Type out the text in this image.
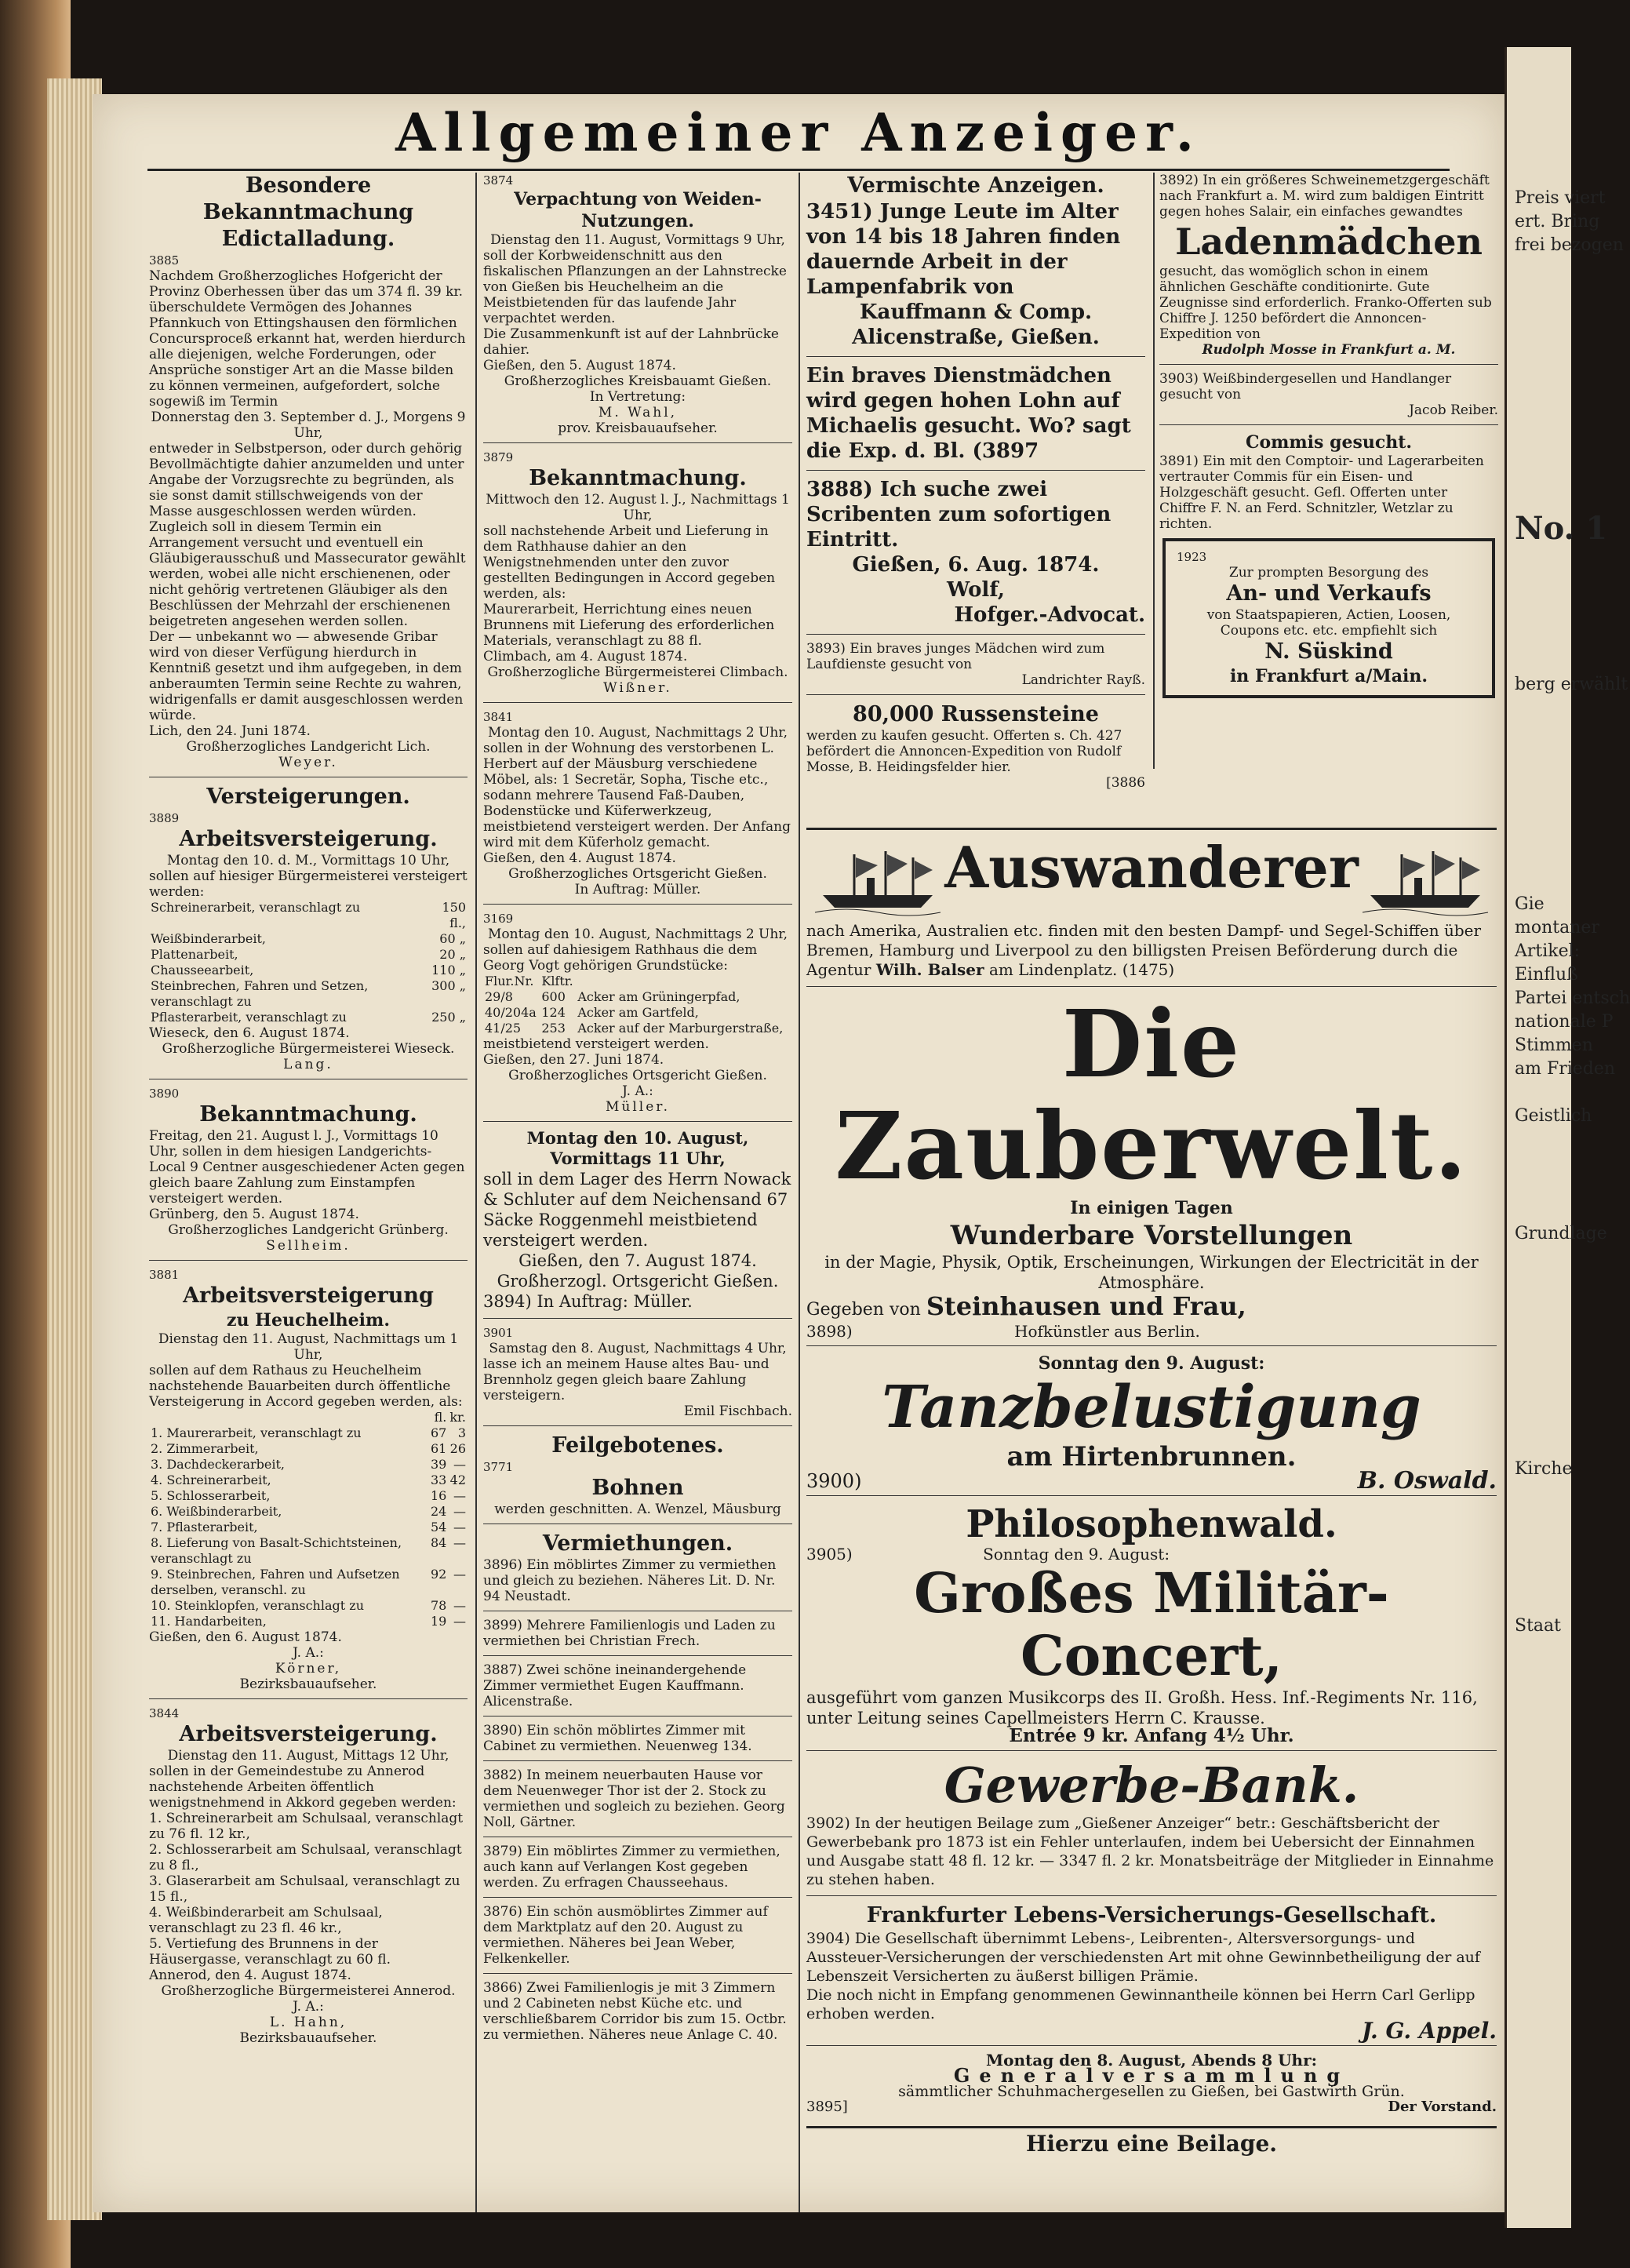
Preis viert
ert. Bring
frei bezogen
No. 1
berg erwählt
Gie
montaner
Artikel:
Einfluß
Partei entsch
nationale P
Stimmen
am Frieden
Geistlich
Grundlage
Kirche
Staat
Allgemeiner Anzeiger.
Besondere Bekanntmachung
Edictalladung.
3885
Nachdem Großherzogliches Hofgericht der Provinz Oberhessen über das um 374 fl. 39 kr. überschuldete Vermögen des Johannes Pfannkuch von Ettingshausen den förmlichen Concursproceß erkannt hat, werden hierdurch alle diejenigen, welche Forderungen, oder Ansprüche sonstiger Art an die Masse bilden zu können vermeinen, aufgefordert, solche sogewiß im Termin
Donnerstag den 3. September d. J., Morgens 9 Uhr,
entweder in Selbstperson, oder durch gehörig Bevollmächtigte dahier anzumelden und unter Angabe der Vorzugsrechte zu begründen, als sie sonst damit stillschweigends von der Masse ausgeschlossen werden würden.
Zugleich soll in diesem Termin ein Arrangement versucht und eventuell ein Gläubigerausschuß und Massecurator gewählt werden, wobei alle nicht erschienenen, oder nicht gehörig vertretenen Gläubiger als den Beschlüssen der Mehrzahl der erschienenen beigetreten angesehen werden sollen.
Der — unbekannt wo — abwesende Gribar wird von dieser Verfügung hierdurch in Kenntniß gesetzt und ihm aufgegeben, in dem anberaumten Termin seine Rechte zu wahren, widrigenfalls er damit ausgeschlossen werden würde.
Lich, den 24. Juni 1874.
Großherzogliches Landgericht Lich.
Weyer.
Versteigerungen.
3889
Arbeitsversteigerung.
Montag den 10. d. M., Vormittags 10 Uhr,
sollen auf hiesiger Bürgermeisterei versteigert werden:
Schreinerarbeit, veranschlagt zu	150 fl.,
Weißbinderarbeit,	60 „
Plattenarbeit,	20 „
Chausseearbeit,	110 „
Steinbrechen, Fahren und Setzen, veranschlagt zu	300 „
Pflasterarbeit, veranschlagt zu	250 „
Wieseck, den 6. August 1874.
Großherzogliche Bürgermeisterei Wieseck.
Lang.
3890
Bekanntmachung.
Freitag, den 21. August l. J., Vormittags 10 Uhr, sollen in dem hiesigen Landgerichts-Local 9 Centner ausgeschiedener Acten gegen gleich baare Zahlung zum Einstampfen versteigert werden.
Grünberg, den 5. August 1874.
Großherzogliches Landgericht Grünberg.
Sellheim.
3881
Arbeitsversteigerung
zu Heuchelheim.
Dienstag den 11. August, Nachmittags um 1 Uhr,
sollen auf dem Rathaus zu Heuchelheim nachstehende Bauarbeiten durch öffentliche Versteigerung in Accord gegeben werden, als:
	fl.	kr.
1. Maurerarbeit, veranschlagt zu	67	3
2. Zimmerarbeit,	61	26
3. Dachdeckerarbeit,	39	—
4. Schreinerarbeit,	33	42
5. Schlosserarbeit,	16	—
6. Weißbinderarbeit,	24	—
7. Pflasterarbeit,	54	—
8. Lieferung von Basalt-Schichtsteinen, veranschlagt zu	84	—
9. Steinbrechen, Fahren und Aufsetzen derselben, veranschl. zu	92	—
10. Steinklopfen, veranschlagt zu	78	—
11. Handarbeiten,	19	—
Gießen, den 6. August 1874.
J. A.:
Körner,
Bezirksbauaufseher.
3844
Arbeitsversteigerung.
Dienstag den 11. August, Mittags 12 Uhr,
sollen in der Gemeindestube zu Annerod nachstehende Arbeiten öffentlich wenigstnehmend in Akkord gegeben werden:
1. Schreinerarbeit am Schulsaal, veranschlagt zu 76 fl. 12 kr.,
2. Schlosserarbeit am Schulsaal, veranschlagt zu 8 fl.,
3. Glaserarbeit am Schulsaal, veranschlagt zu 15 fl.,
4. Weißbinderarbeit am Schulsaal, veranschlagt zu 23 fl. 46 kr.,
5. Vertiefung des Brunnens in der Häusergasse, veranschlagt zu 60 fl.
Annerod, den 4. August 1874.
Großherzogliche Bürgermeisterei Annerod.
J. A.:
L. Hahn,
Bezirksbauaufseher.
3874
Verpachtung von Weiden-Nutzungen.
Dienstag den 11. August, Vormittags 9 Uhr,
soll der Korbweidenschnitt aus den fiskalischen Pflanzungen an der Lahnstrecke von Gießen bis Heuchelheim an die Meistbietenden für das laufende Jahr verpachtet werden.
Die Zusammenkunft ist auf der Lahnbrücke dahier.
Gießen, den 5. August 1874.
Großherzogliches Kreisbauamt Gießen.
In Vertretung:
M. Wahl,
prov. Kreisbauaufseher.
3879
Bekanntmachung.
Mittwoch den 12. August l. J., Nachmittags 1 Uhr,
soll nachstehende Arbeit und Lieferung in dem Rathhause dahier an den Wenigstnehmenden unter den zuvor gestellten Bedingungen in Accord gegeben werden, als:
Maurerarbeit, Herrichtung eines neuen Brunnens mit Lieferung des erforderlichen Materials, veranschlagt zu 88 fl.
Climbach, am 4. August 1874.
Großherzogliche Bürgermeisterei Climbach.
Wißner.
3841
Montag den 10. August, Nachmittags 2 Uhr,
sollen in der Wohnung des verstorbenen L. Herbert auf der Mäusburg verschiedene Möbel, als: 1 Secretär, Sopha, Tische etc., sodann mehrere Tausend Faß-Dauben, Bodenstücke und Küferwerkzeug, meistbietend versteigert werden. Der Anfang wird mit dem Küferholz gemacht.
Gießen, den 4. August 1874.
Großherzogliches Ortsgericht Gießen.
In Auftrag: Müller.
3169
Montag den 10. August, Nachmittags 2 Uhr,
sollen auf dahiesigem Rathhaus die dem Georg Vogt gehörigen Grundstücke:
Flur.Nr.	Klftr.	
29/8	600	Acker am Grüningerpfad,
40/204a	124	Acker am Gartfeld,
41/25	253	Acker auf der Marburgerstraße,
meistbietend versteigert werden.
Gießen, den 27. Juni 1874.
Großherzogliches Ortsgericht Gießen.
J. A.:
Müller.
Montag den 10. August, Vormittags 11 Uhr,
soll in dem Lager des Herrn Nowack & Schluter auf dem Neichensand 67 Säcke Roggenmehl meistbietend versteigert werden.
Gießen, den 7. August 1874.
Großherzogl. Ortsgericht Gießen.
3894) In Auftrag: Müller.
3901
Samstag den 8. August, Nachmittags 4 Uhr,
lasse ich an meinem Hause altes Bau- und Brennholz gegen gleich baare Zahlung versteigern.
Emil Fischbach.
Feilgebotenes.
3771
Bohnen
werden geschnitten. A. Wenzel, Mäusburg
Vermiethungen.
3896) Ein möblirtes Zimmer zu vermiethen und gleich zu beziehen. Näheres Lit. D. Nr. 94 Neustadt.
3899) Mehrere Familienlogis und Laden zu vermiethen bei Christian Frech.
3887) Zwei schöne ineinandergehende Zimmer vermiethet Eugen Kauffmann. Alicenstraße.
3890) Ein schön möblirtes Zimmer mit Cabinet zu vermiethen. Neuenweg 134.
3882) In meinem neuerbauten Hause vor dem Neuenweger Thor ist der 2. Stock zu vermiethen und sogleich zu beziehen. Georg Noll, Gärtner.
3879) Ein möblirtes Zimmer zu vermiethen, auch kann auf Verlangen Kost gegeben werden. Zu erfragen Chausseehaus.
3876) Ein schön ausmöblirtes Zimmer auf dem Marktplatz auf den 20. August zu vermiethen. Näheres bei Jean Weber, Felkenkeller.
3866) Zwei Familienlogis je mit 3 Zimmern und 2 Cabineten nebst Küche etc. und verschließbarem Corridor bis zum 15. Octbr. zu vermiethen. Näheres neue Anlage C. 40.
Vermischte Anzeigen.
3451) Junge Leute im Alter von 14 bis 18 Jahren finden dauernde Arbeit in der Lampenfabrik von
Kauffmann & Comp.
Alicenstraße, Gießen.
Ein braves Dienstmädchen wird gegen hohen Lohn auf Michaelis gesucht. Wo? sagt die Exp. d. Bl. (3897
3888) Ich suche zwei Scribenten zum sofortigen Eintritt.
Gießen, 6. Aug. 1874.
Wolf,
Hofger.-Advocat.
3893) Ein braves junges Mädchen wird zum Laufdienste gesucht von
Landrichter Rayß.
80,000 Russensteine
werden zu kaufen gesucht. Offerten s. Ch. 427 befördert die Annoncen-Expedition von Rudolf Mosse, B. Heidingsfelder hier.
[3886
3892) In ein größeres Schweinemetzgergeschäft nach Frankfurt a. M. wird zum baldigen Eintritt gegen hohes Salair, ein einfaches gewandtes
Ladenmädchen
gesucht, das womöglich schon in einem ähnlichen Geschäfte conditionirte. Gute Zeugnisse sind erforderlich. Franko-Offerten sub Chiffre J. 1250 befördert die Annoncen-Expedition von
Rudolph Mosse in Frankfurt a. M.
3903) Weißbindergesellen und Handlanger gesucht von
Jacob Reiber.
Commis gesucht.
3891) Ein mit den Comptoir- und Lagerarbeiten vertrauter Commis für ein Eisen- und Holzgeschäft gesucht. Gefl. Offerten unter Chiffre F. N. an Ferd. Schnitzler, Wetzlar zu richten.
1923
Zur prompten Besorgung des
An- und Verkaufs
von Staatspapieren, Actien, Loosen, Coupons etc. etc. empfiehlt sich
N. Süskind
in Frankfurt a/Main.
Auswanderer
nach Amerika, Australien etc. finden mit den besten Dampf- und Segel-Schiffen über Bremen, Hamburg und Liverpool zu den billigsten Preisen Beförderung durch die Agentur Wilh. Balser am Lindenplatz. (1475)
Die Zauberwelt.
In einigen Tagen
Wunderbare Vorstellungen
in der Magie, Physik, Optik, Erscheinungen, Wirkungen der Electricität in der Atmosphäre.
Gegeben von Steinhausen und Frau,
3898)	Hofkünstler aus Berlin.
Sonntag den 9. August:
Tanzbelustigung
am Hirtenbrunnen.
3900)	B. Oswald.
Philosophenwald.
3905)	Sonntag den 9. August:
Großes Militär-Concert,
ausgeführt vom ganzen Musikcorps des II. Großh. Hess. Inf.-Regiments Nr. 116, unter Leitung seines Capellmeisters Herrn C. Krausse.
Entrée 9 kr. Anfang 4½ Uhr.
Gewerbe-Bank.
3902) In der heutigen Beilage zum „Gießener Anzeiger“ betr.: Geschäftsbericht der Gewerbebank pro 1873 ist ein Fehler unterlaufen, indem bei Uebersicht der Einnahmen und Ausgabe statt 48 fl. 12 kr. — 3347 fl. 2 kr. Monatsbeiträge der Mitglieder in Einnahme zu stehen haben.
Frankfurter Lebens-Versicherungs-Gesellschaft.
3904) Die Gesellschaft übernimmt Lebens-, Leibrenten-, Altersversorgungs- und Aussteuer-Versicherungen der verschiedensten Art mit ohne Gewinnbetheiligung der auf Lebenszeit Versicherten zu äußerst billigen Prämie.
Die noch nicht in Empfang genommenen Gewinnantheile können bei Herrn Carl Gerlipp erhoben werden.
J. G. Appel.
Montag den 8. August, Abends 8 Uhr:
Generalversammlung
sämmtlicher Schuhmachergesellen zu Gießen, bei Gastwirth Grün.
3895]	Der Vorstand.
Hierzu eine Beilage.
